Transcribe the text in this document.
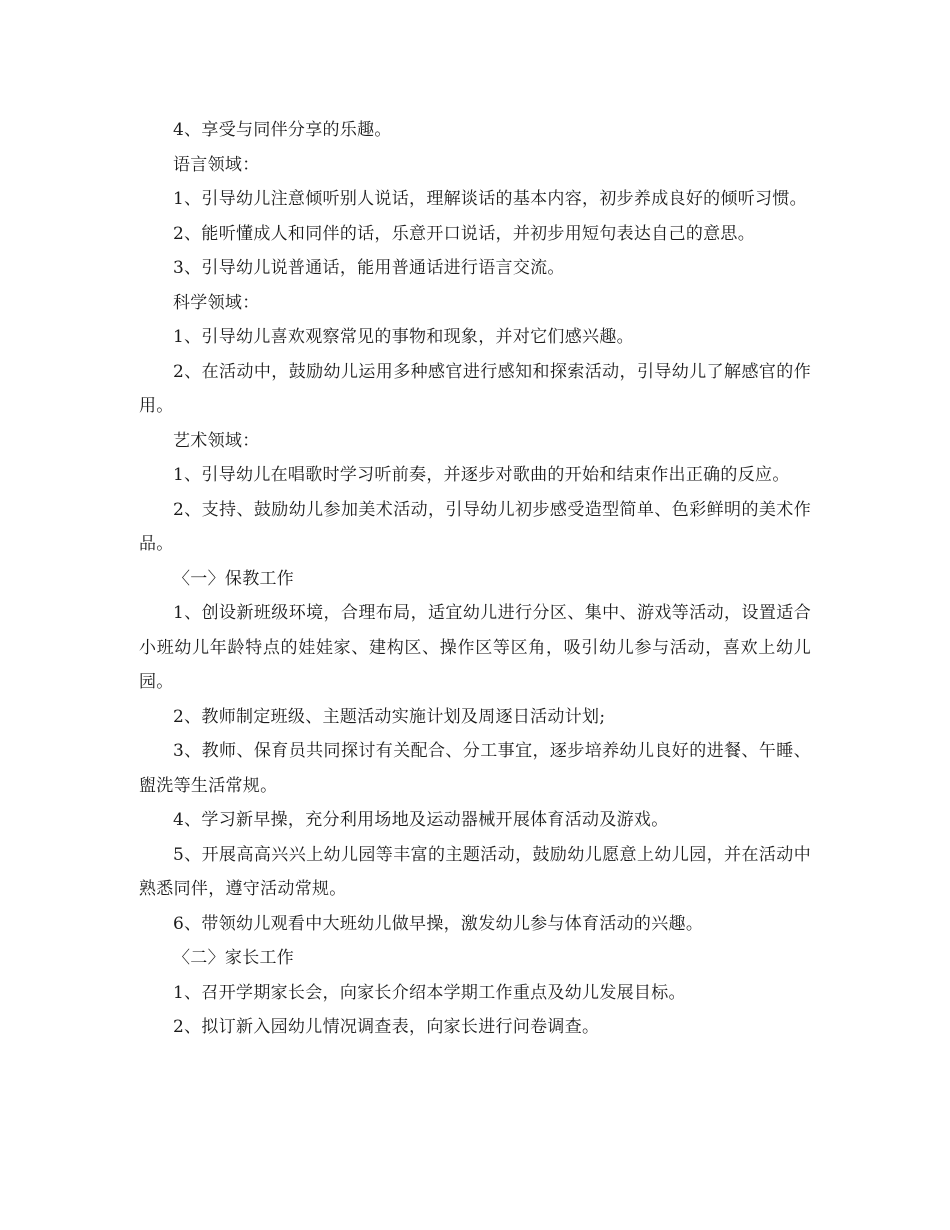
4、享受与同伴分享的乐趣。

语言领域：

1、引导幼儿注意倾听别人说话，理解谈话的基本内容，初步养成良好的倾听习惯。

2、能听懂成人和同伴的话，乐意开口说话，并初步用短句表达自己的意思。

3、引导幼儿说普通话，能用普通话进行语言交流。

科学领域：

1、引导幼儿喜欢观察常见的事物和现象，并对它们感兴趣。

2、在活动中，鼓励幼儿运用多种感官进行感知和探索活动，引导幼儿了解感官的作用。

艺术领域：

1、引导幼儿在唱歌时学习听前奏，并逐步对歌曲的开始和结束作出正确的反应。

2、支持、鼓励幼儿参加美术活动，引导幼儿初步感受造型简单、色彩鲜明的美术作品。

〈一〉保教工作

1、创设新班级环境，合理布局，适宜幼儿进行分区、集中、游戏等活动，设置适合小班幼儿年龄特点的娃娃家、建构区、操作区等区角，吸引幼儿参与活动，喜欢上幼儿园。

2、教师制定班级、主题活动实施计划及周逐日活动计划;

3、教师、保育员共同探讨有关配合、分工事宜，逐步培养幼儿良好的进餐、午睡、盥洗等生活常规。

4、学习新早操，充分利用场地及运动器械开展体育活动及游戏。

5、开展高高兴兴上幼儿园等丰富的主题活动，鼓励幼儿愿意上幼儿园，并在活动中熟悉同伴，遵守活动常规。

6、带领幼儿观看中大班幼儿做早操，激发幼儿参与体育活动的兴趣。

〈二〉家长工作

1、召开学期家长会，向家长介绍本学期工作重点及幼儿发展目标。

2、拟订新入园幼儿情况调查表，向家长进行问卷调查。
